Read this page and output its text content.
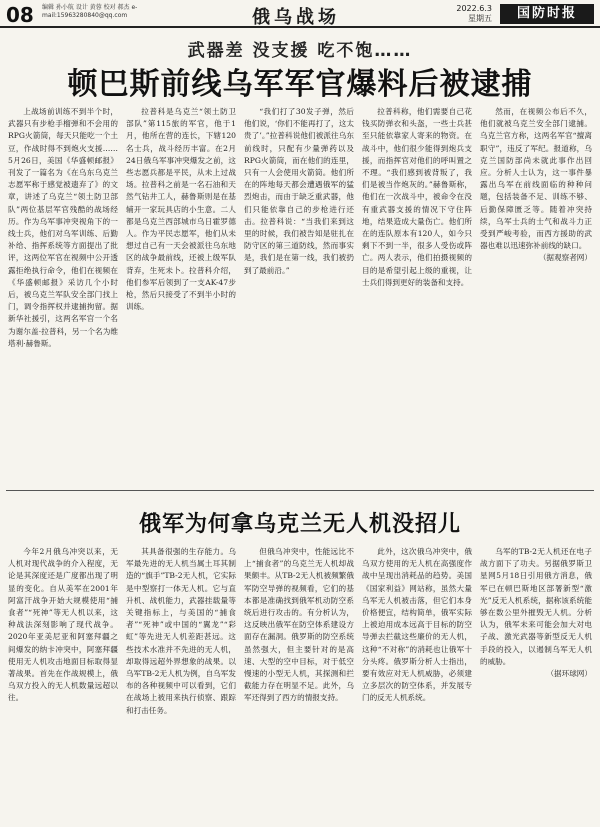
08 编辑 孙小航 设计 黄蓉 校对 郝杰 e-mail:15963280840@qq.com	俄乌战场	2022.6.3
星期五	国防时报
武器差 没支援 吃不饱……
顿巴斯前线乌军军官爆料后被逮捕

上战场前训练不到半个时，武器只有步枪手榴弹和不会用的RPG火箭筒，每天只能吃一个土豆，作战时得不到炮火支援……5月26日，美国《华盛顿邮报》刊发了一篇名为《在乌东乌克兰志愿军称于感觉被遗弃了》的文章，讲述了乌克兰“领土防卫部队”两位基层军官残酷的战场经历。作为乌军事冲突视角下的一线士兵，他们对乌军训练、后勤补给、指挥系统等方面提出了批评，这两位军官在视频中公开透露拒绝执行命令，他们在视频在《华盛顿邮报》采访几个小时后，被乌克兰军队安全部门找上门，调令指挥权并逮捕拘留。据新华社援引，这两名军官一个名为谢尔盖·拉普科，另一个名为维塔利·赫鲁斯。

拉普科是乌克兰“领土防卫部队”第115旅的军官，他于1月，他所在营的连长，下辖120名士兵，战斗经历丰富。在2月24日俄乌军事冲突爆发之前，这些志愿兵都是平民，从未上过战场。拉普科之前是一名石油和天然气钻井工人，赫鲁斯则是在基辅开一家玩具店的小生意。二人都是乌克兰西部城市乌日霍罗德人。作为平民志愿军，他们从未想过自己有一天会被派往乌东地区的战争最前线，还被上级军队背弃，生死未卜。拉普科介绍，他们参军后领到了一支AK-47步枪，然后只接受了不到半小时的训练。

“我们打了30发子弹，然后他们说，‘你们不能再打了，这太贵了’。”拉普科说他们被派往乌东前线时，只配有少量弹药以及RPG火箭筒，而在他们的连里，只有一人会使用火箭筒。他们所在的阵地每天都会遭遇俄军的猛烈炮击，而由于缺乏重武器，他们只能依靠自己的步枪进行还击。拉普科说：“当我们来到这里的时候，我们被告知是驻扎在防守区的第三道防线，然而事实是，我们是在第一线，我们被扔到了最前沿。”

拉普科称，他们需要自己花钱买防弹衣和头盔，一些士兵甚至只能依靠家人寄来的物资。在战斗中，他们很少能得到炮兵支援，而指挥官对他们的呼叫置之不理。“我们感到被背叛了，我们是被当作炮灰的。”赫鲁斯称，他们在一次战斗中，被命令在没有重武器支援的情况下守住阵地，结果造成大量伤亡。他们所在的连队原本有120人，如今只剩下不到一半，很多人受伤或阵亡。两人表示，他们拍摄视频的目的是希望引起上级的重视，让士兵们得到更好的装备和支持。

然而，在视频公布后不久，他们就被乌克兰安全部门逮捕。乌克兰官方称，这两名军官“擅离职守”，违反了军纪。报道称，乌克兰国防部尚未就此事作出回应。分析人士认为，这一事件暴露出乌军在前线面临的种种问题，包括装备不足、训练不够、后勤保障匮乏等。随着冲突持续，乌军士兵的士气和战斗力正受到严峻考验，而西方援助的武器也难以迅速弥补前线的缺口。

（据观察者网）
俄军为何拿乌克兰无人机没招儿

今年2月俄乌冲突以来，无人机对现代战争的介入程度，无论是其深度还是广度都出现了明显的变化。自从美军在2001年阿富汗战争开始大规模使用“捕食者”“死神”等无人机以来，这种战法深刻影响了现代战争。2020年亚美尼亚和阿塞拜疆之间爆发的纳卡冲突中，阿塞拜疆使用无人机攻击地面目标取得显著战果。首先在作战规模上，俄乌双方投入的无人机数量远超以往。

其具备很强的生存能力。乌军最先进的无人机当属土耳其制造的“旗手”TB-2无人机，它实际是中型察打一体无人机。它与直升机、战机能力，武器挂载量等关键指标上，与美国的“捕食者”“死神”或中国的“翼龙”“彩虹”等先进无人机差距甚远。这些技术水准并不先进的无人机，却取得远超外界想象的战果。以乌军TB-2无人机为例，自乌军发布的各种视频中可以看到，它们在战场上被用来执行侦察、跟踪和打击任务。

但俄乌冲突中，性能远比不上“捕食者”的乌克兰无人机却战果颇丰。从TB-2无人机被频繁俄军防空导弹的视频看，它们的基本都是准确找到俄军机动防空系统后进行攻击的。有分析认为，这反映出俄军在防空体系建设方面存在漏洞。俄罗斯的防空系统虽然强大，但主要针对的是高速、大型的空中目标，对于低空慢速的小型无人机，其探测和拦截能力存在明显不足。此外，乌军还得到了西方的情报支持。

此外，这次俄乌冲突中，俄乌双方使用的无人机在高强度作战中呈现出消耗品的趋势。美国《国家利益》网站称，虽然大量乌军无人机被击落，但它们本身价格便宜，结构简单，俄军实际上被迫用成本远高于目标的防空导弹去拦截这些廉价的无人机，这种“不对称”的消耗也让俄军十分头疼。俄罗斯分析人士指出，要有效应对无人机威胁，必须建立多层次的防空体系，并发展专门的反无人机系统。

乌军的TB-2无人机还在电子战方面下了功夫。另据俄罗斯卫星网5月18日引用俄方消息，俄军已在顿巴斯地区部署新型“激光”反无人机系统，据称该系统能够在数公里外摧毁无人机。分析认为，俄军未来可能会加大对电子战、激光武器等新型反无人机手段的投入，以遏制乌军无人机的威胁。

（据环球网）
